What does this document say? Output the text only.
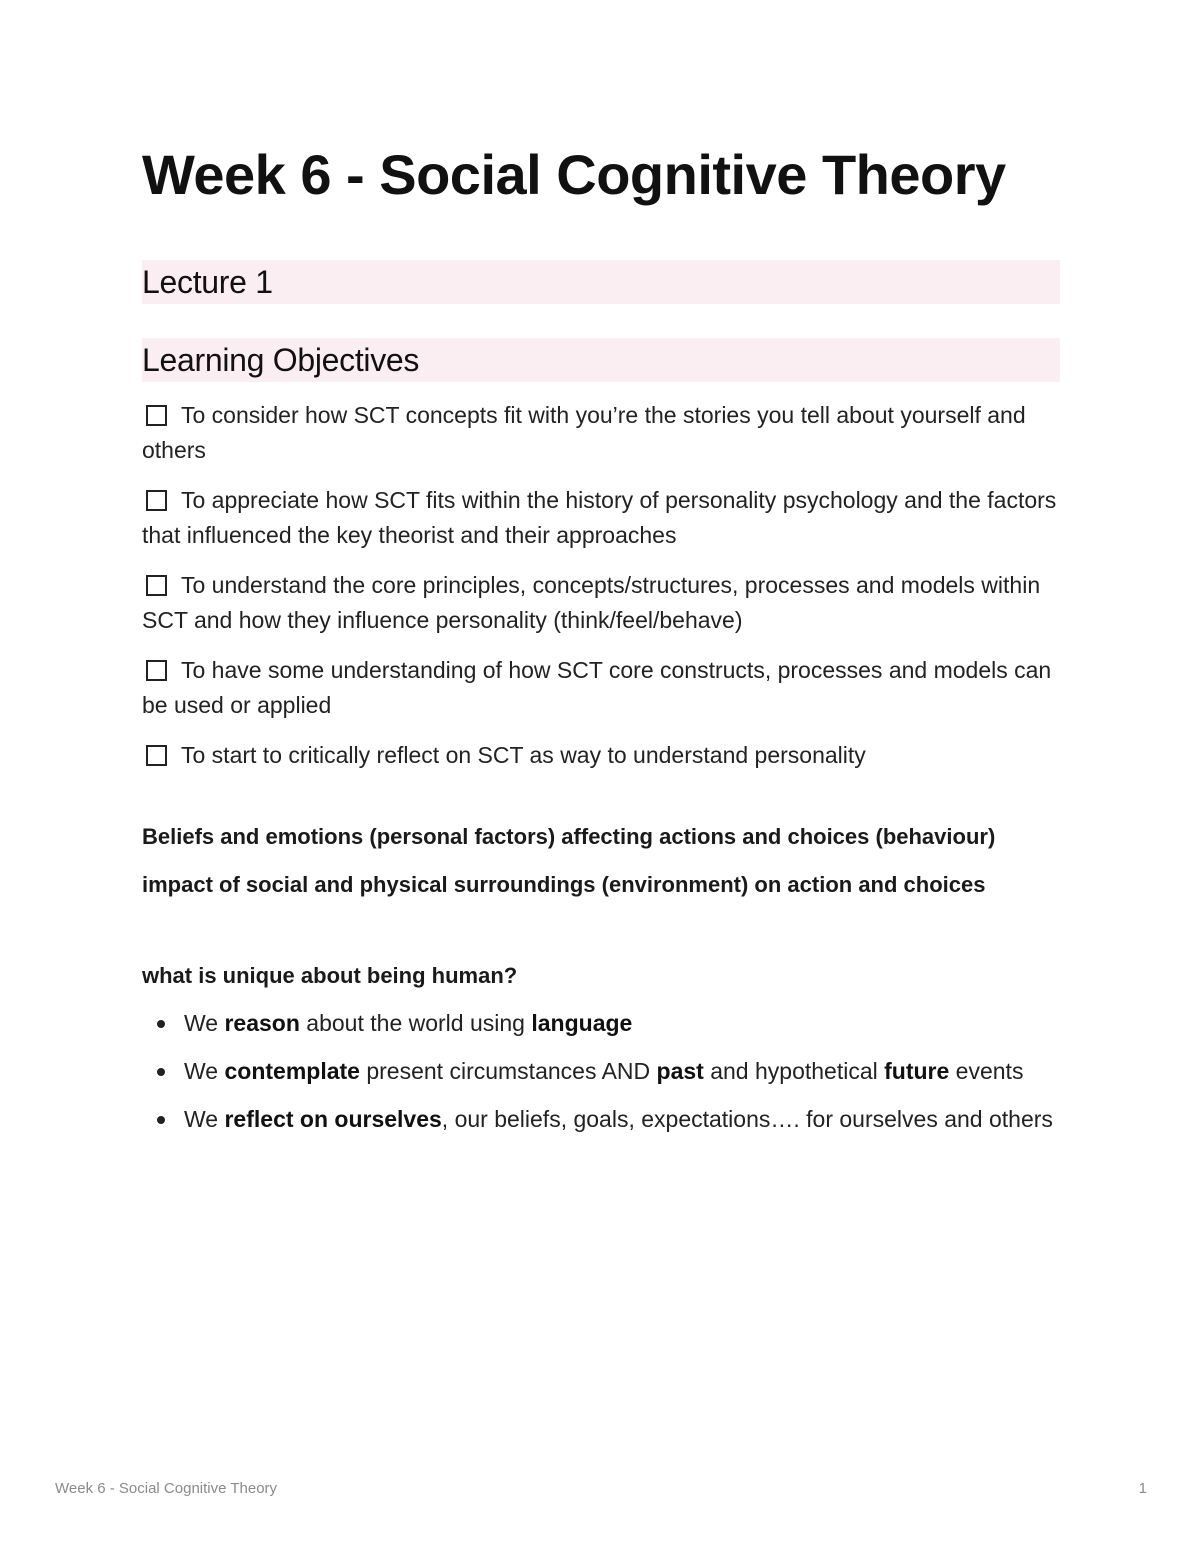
Week 6 - Social Cognitive Theory
Lecture 1
Learning Objectives
To consider how SCT concepts fit with you’re the stories you tell about yourself and others
To appreciate how SCT fits within the history of personality psychology and the factors that influenced the key theorist and their approaches
To understand the core principles, concepts/structures, processes and models within SCT and how they influence personality (think/feel/behave)
To have some understanding of how SCT core constructs, processes and models can be used or applied
To start to critically reflect on SCT as way to understand personality

Beliefs and emotions (personal factors) affecting actions and choices (behaviour)

impact of social and physical surroundings (environment) on action and choices

what is unique about being human?

We reason about the world using language
We contemplate present circumstances AND past and hypothetical future events
We reflect on ourselves, our beliefs, goals, expectations…. for ourselves and others
Week 6 - Social Cognitive Theory	1
